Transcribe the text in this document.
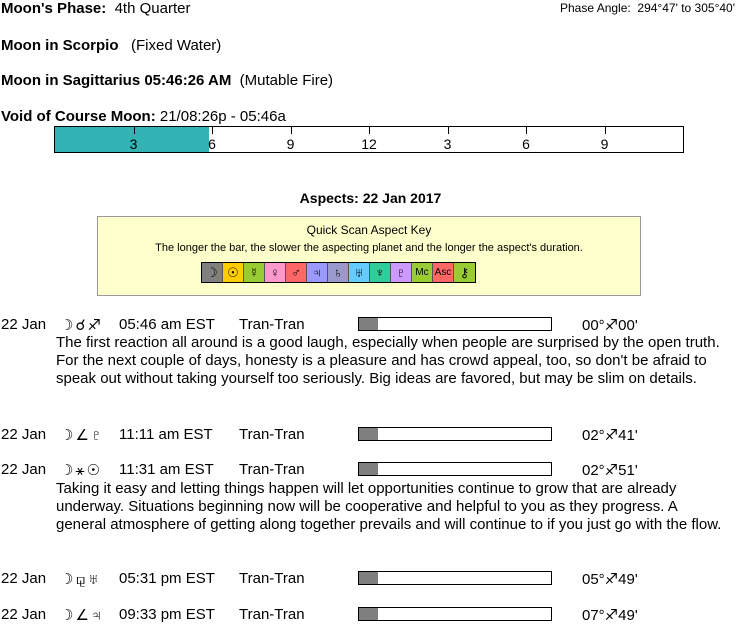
Moon's Phase: 4th Quarter	Phase Angle: 294°47' to 305°40'
Moon in Scorpio (Fixed Water)
Moon in Sagittarius 05:46:26 AM (Mutable Fire)
Void of Course Moon: 21/08:26p - 05:46a
3	6	9	12	3	6	9
Aspects: 22 Jan 2017
Quick Scan Aspect Key
The longer the bar, the slower the aspecting planet and the longer the aspect's duration.
☽ ☉ ☿ ♀ ♂ ♃ ♄ ♅ ♆ ♇ Mc Asc ⚷
22 Jan ☽☌♐ 05:46 am EST Tran-Tran	00°♐00'
The first reaction all around is a good laugh, especially when people are surprised by the open truth. For the next couple of days, honesty is a pleasure and has crowd appeal, too, so don't be afraid to speak out without taking yourself too seriously. Big ideas are favored, but may be slim on details.
22 Jan ☽∠♇ 11:11 am EST Tran-Tran	02°♐41'
22 Jan ☽⚹☉ 11:31 am EST Tran-Tran	02°♐51'
Taking it easy and letting things happen will let opportunities continue to grow that are already underway. Situations beginning now will be cooperative and helpful to you as they progress. A general atmosphere of getting along together prevails and will continue to if you just go with the flow.
22 Jan ☽⚼♅ 05:31 pm EST Tran-Tran	05°♐49'
22 Jan ☽∠♃ 09:33 pm EST Tran-Tran	07°♐49'
